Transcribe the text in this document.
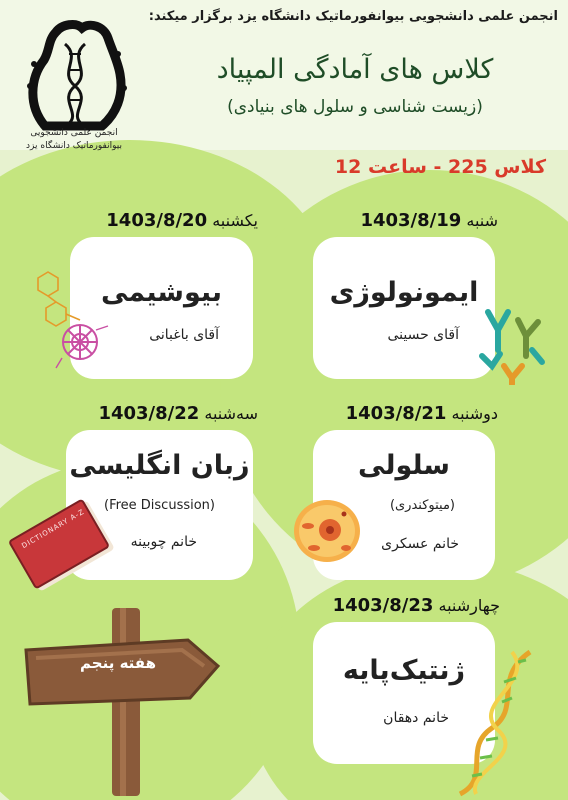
انجمن علمی دانشجویی
بیوانفورماتیک دانشگاه یزد
انجمن علمی دانشجویی بیوانفورماتیک دانشگاه یزد برگزار میکند:
کلاس های آمادگی المپیاد
(زیست شناسی و سلول های بنیادی)
کلاس 225 - ساعت 12
شنبه 1403/8/19
یکشنبه 1403/8/20
دوشنبه 1403/8/21
سه‌شنبه 1403/8/22
چهارشنبه 1403/8/23
ایمونولوژی
آقای حسینی
بیوشیمی
آقای باغبانی
سلولی
(میتوکندری)
خانم عسکری
زبان انگلیسی
(Free Discussion)
خانم چوبینه
DICTIONARY A-Z
ژنتیک‌پایه
خانم دهقان
هفته پنجم
